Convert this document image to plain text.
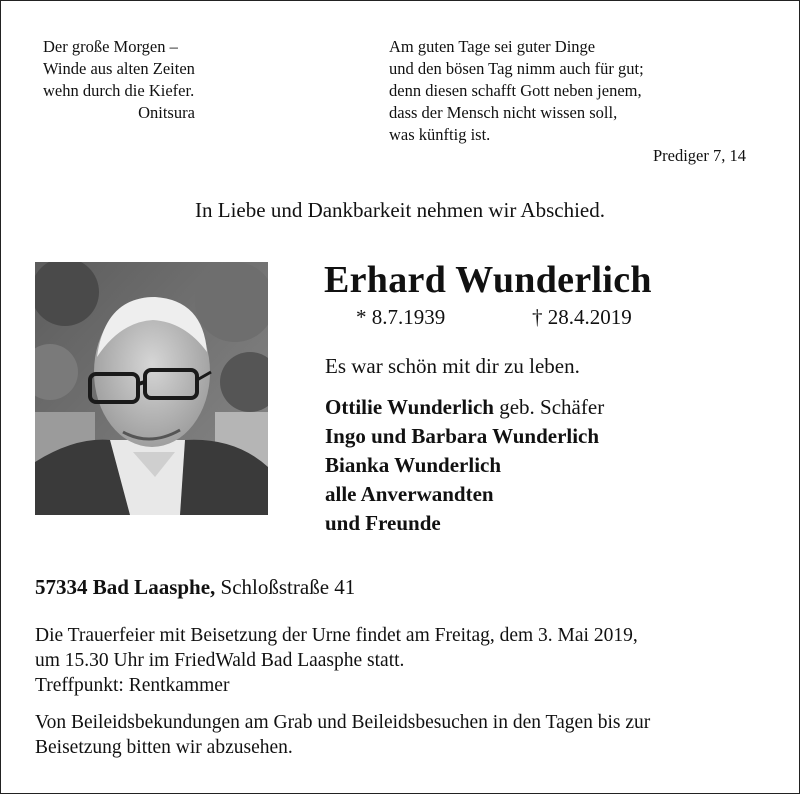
Der große Morgen –
Winde aus alten Zeiten
wehn durch die Kiefer.
Onitsura
Am guten Tage sei guter Dinge
und den bösen Tag nimm auch für gut;
denn diesen schafft Gott neben jenem,
dass der Mensch nicht wissen soll,
was künftig ist.
Prediger 7, 14
In Liebe und Dankbarkeit nehmen wir Abschied.
Erhard Wunderlich
* 8.7.1939	† 28.4.2019
Es war schön mit dir zu leben.
Ottilie Wunderlich geb. Schäfer
Ingo und Barbara Wunderlich
Bianka Wunderlich
alle Anverwandten
und Freunde
57334 Bad Laasphe, Schloßstraße 41
Die Trauerfeier mit Beisetzung der Urne findet am Freitag, dem 3. Mai 2019,
um 15.30 Uhr im FriedWald Bad Laasphe statt.
Treffpunkt: Rentkammer
Von Beileidsbekundungen am Grab und Beileidsbesuchen in den Tagen bis zur
Beisetzung bitten wir abzusehen.
